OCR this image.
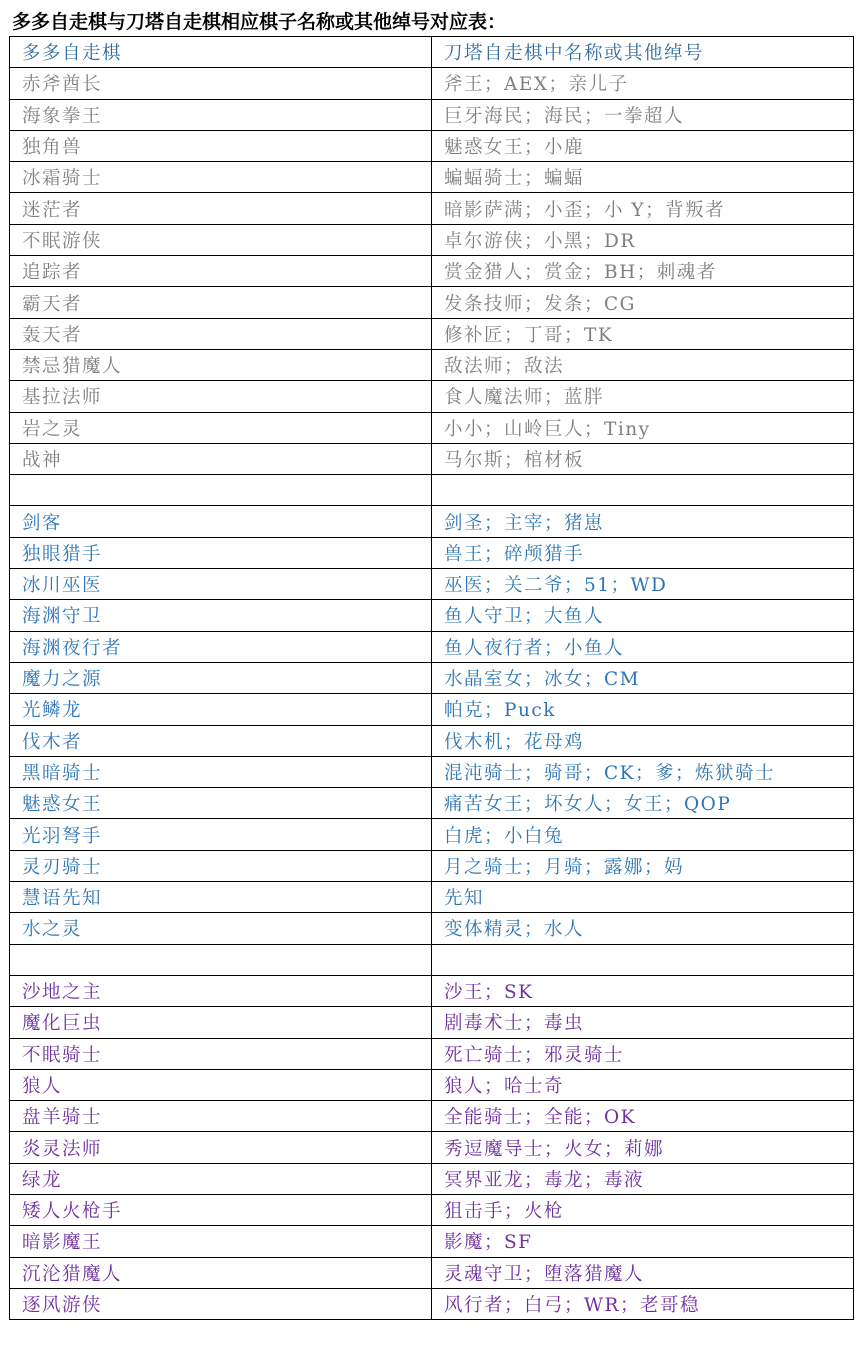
多多自走棋与刀塔自走棋相应棋子名称或其他绰号对应表：
多多自走棋	刀塔自走棋中名称或其他绰号
赤斧酋长	斧王；AEX；亲儿子
海象拳王	巨牙海民；海民；一拳超人
独角兽	魅惑女王；小鹿
冰霜骑士	蝙蝠骑士；蝙蝠
迷茫者	暗影萨满；小歪；小 Y；背叛者
不眠游侠	卓尔游侠；小黑；DR
追踪者	赏金猎人；赏金；BH；刺魂者
霸天者	发条技师；发条；CG
轰天者	修补匠；丁哥；TK
禁忌猎魔人	敌法师；敌法
基拉法师	食人魔法师；蓝胖
岩之灵	小小；山岭巨人；Tiny
战神	马尔斯；棺材板

剑客	剑圣；主宰；猪崽
独眼猎手	兽王；碎颅猎手
冰川巫医	巫医；关二爷；51；WD
海渊守卫	鱼人守卫；大鱼人
海渊夜行者	鱼人夜行者；小鱼人
魔力之源	水晶室女；冰女；CM
光鳞龙	帕克；Puck
伐木者	伐木机；花母鸡
黑暗骑士	混沌骑士；骑哥；CK；爹；炼狱骑士
魅惑女王	痛苦女王；坏女人；女王；QOP
光羽弩手	白虎；小白兔
灵刃骑士	月之骑士；月骑；露娜；妈
慧语先知	先知
水之灵	变体精灵；水人

沙地之主	沙王；SK
魔化巨虫	剧毒术士；毒虫
不眠骑士	死亡骑士；邪灵骑士
狼人	狼人；哈士奇
盘羊骑士	全能骑士；全能；OK
炎灵法师	秀逗魔导士；火女；莉娜
绿龙	冥界亚龙；毒龙；毒液
矮人火枪手	狙击手；火枪
暗影魔王	影魔；SF
沉沦猎魔人	灵魂守卫；堕落猎魔人
逐风游侠	风行者；白弓；WR；老哥稳
